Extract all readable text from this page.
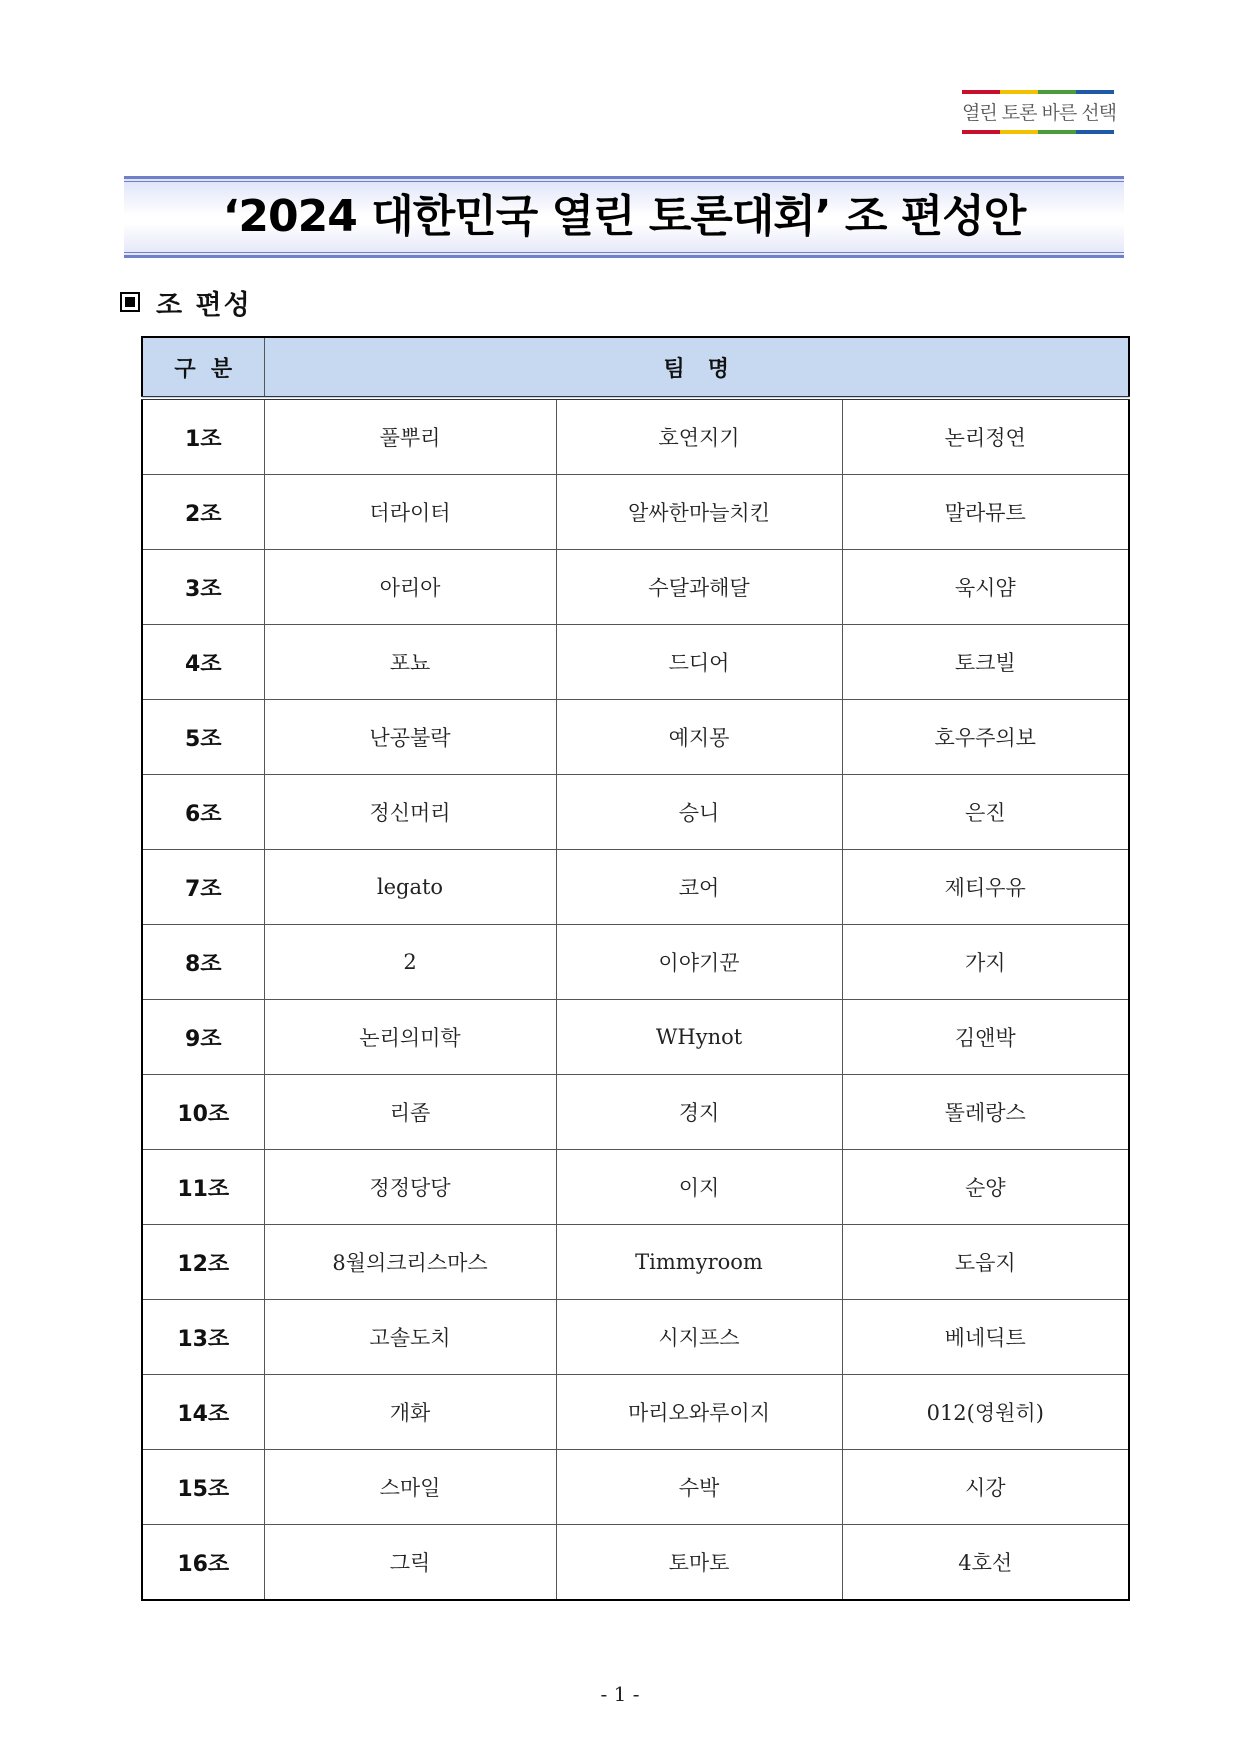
열린 토론 바른 선택
‘2024 대한민국 열린 토론대회’ 조 편성안
조 편성
구  분	팀   명		
1조	풀뿌리	호연지기	논리정연
2조	더라이터	알싸한마늘치킨	말라뮤트
3조	아리아	수달과해달	욱시얌
4조	포뇨	드디어	토크빌
5조	난공불락	예지몽	호우주의보
6조	정신머리	승니	은진
7조	legato	코어	제티우유
8조	2	이야기꾼	가지
9조	논리의미학	WHynot	김앤박
10조	리좀	경지	똘레랑스
11조	정정당당	이지	순양
12조	8월의크리스마스	Timmyroom	도읍지
13조	고솔도치	시지프스	베네딕트
14조	개화	마리오와루이지	012(영원히)
15조	스마일	수박	시강
16조	그릭	토마토	4호선
- 1 -
